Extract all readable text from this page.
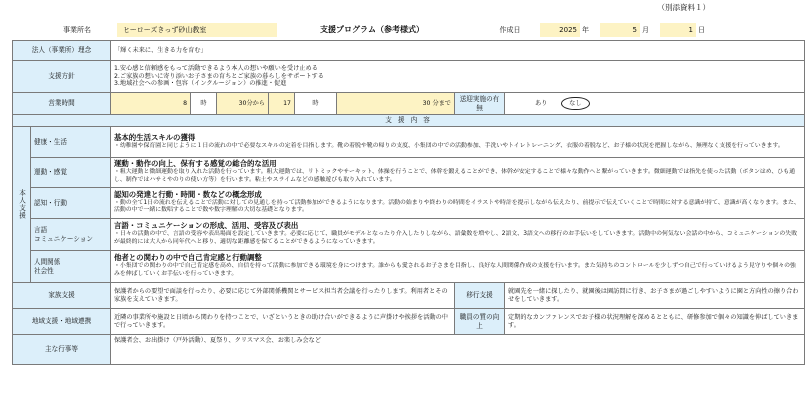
（別添資料１）
事業所名	ヒーローズきっず砂山教室	支援プログラム（参考様式）	作成日	2025 年	5 月	1 日
法人（事業所）理念		「輝く未来に、生きる力を育む」							
支援方針		1.安心感と信頼感をもって活動できるよう本人の想いや願いを受け止める
2.ご家族の想いに寄り添いお子さまの育ちとご家族の暮らしをサポートする
3.地域社会への参画・包容（インクルージョン）の推進・促進							

営業時間		8	時	30分から	17	時	30 分まで	送迎実施の有無	あり なし
支 援 内 容									

本人支援	健康・生活	基本的生活スキルの獲得
・幼稚園や保育園と同じように１日の流れの中で必要なスキルの定着を目指します。靴の着脱や靴の帰りの支度、小集団の中での活動参加、手洗いやトイレトレーニング、衣服の着脱など、お子様の状況を把握しながら、無理なく支援を行っていきます。							

	運動・感覚	運動・動作の向上、保有する感覚の総合的な活用
・粗大運動と微細運動を取り入れた活動を行っています。粗大運動では、リトミックやサーキット、体操を行うことで、体幹を鍛えることができ、体幹が安定することで様々な動作へと繋がっていきます。微細運動では指先を使った活動（ボタンはめ、ひも通し、制作ではハサミやのりの使い方等）を行います。粘土やスライムなどの感触遊びも取り入れています。							

	認知・行動	認知の発達と行動・時間・数などの概念形成
・動の全て1日の流れを伝えることで活動に対しての見通しを持って活動参加ができるようになります。活動の始まりや終わりの時間をイラストや時計を提示しながら伝えたり、前提示で伝えていくことで時間に対する意識が持て、意識が高くなります。また、活動の中で一緒に数唱することで数や数字理解の大切な基礎となります。							

	言語
コミュニケーション	言語・コミュニケーションの形成、活用、受容及び表出
・日々の活動の中で、言語の受容や表出場面を設定していきます。必要に応じて、職員がモデルとなったり介入したりしながら、語彙数を増やし、2語文、3語文への移行のお手伝いをしていきます。活動中の何気ない会話の中から、コミュニケーションの失敗が最終的には大人から同年代へと移り、適切な距離感を保てることができるようになっていきます。							

	人間関係
社会性	他者との関わりの中で自己肯定感と行動調整
・小集団での関わりの中で自己肯定感を高め、自信を持って活動に参加できる環境を身につけます。誰からも愛されるお子さまを目指し、良好な人間関係作成の支援を行います。また気持ちのコントロールを少しずつ自己で行っていけるよう見守りや個々の強みを伸ばしていくお手伝いを行っていきます。							

家族支援		保護者からの要望で面談を行ったり、必要に応じて外部関係機関とサービス担当者会議を行ったりします。利用者とその家族を支えていきます。						移行支援	就園先を一緒に探したり、就園後は園訪問に行き、お子さまが過ごしやすいように園と方向性の擦り合わせをしていきます。
地域支援・地域連携		近隣の事業所や施設と日頃から関わりを持つことで、いざというときの助け合いができるように声掛けや挨拶を活動の中で行っていきます。						職員の質の向上	定期的なカンファレンスでお子様の状況理解を深めるとともに、研修参加で個々の知識を伸ばしていきます。
主な行事等		保護者会、お出掛け（戸外活動）、夏祭り、クリスマス会、お楽しみ会など							
